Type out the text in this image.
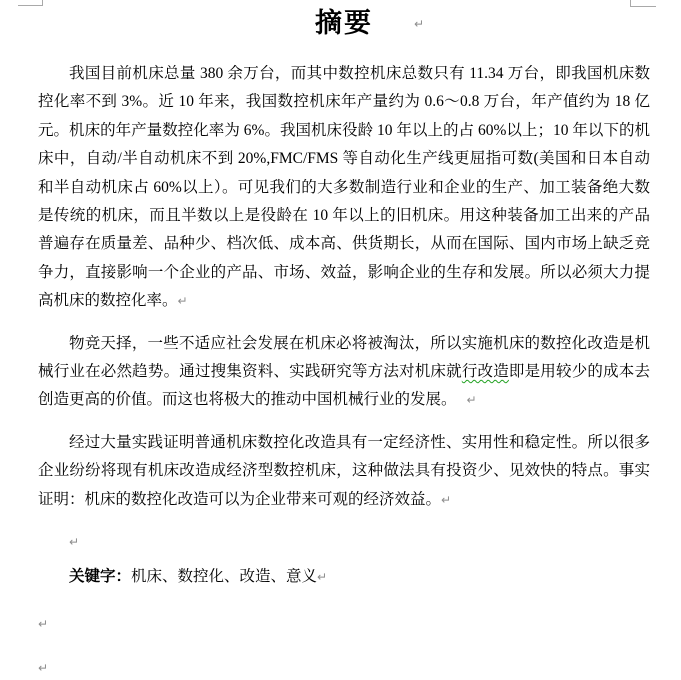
摘要	↵

我国目前机床总量 380 余万台，而其中数控机床总数只有 11.34 万台，即我国机床数控化率不到 3%。近 10 年来，我国数控机床年产量约为 0.6～0.8 万台，年产值约为 18 亿元。机床的年产量数控化率为 6%。我国机床役龄 10 年以上的占 60%以上；10 年以下的机床中，自动/半自动机床不到 20%,FMC/FMS 等自动化生产线更屈指可数(美国和日本自动和半自动机床占 60%以上）。可见我们的大多数制造行业和企业的生产、加工装备绝大数是传统的机床，而且半数以上是役龄在 10 年以上的旧机床。用这种装备加工出来的产品普遍存在质量差、品种少、档次低、成本高、供货期长，从而在国际、国内市场上缺乏竞争力，直接影响一个企业的产品、市场、效益，影响企业的生存和发展。所以必须大力提高机床的数控化率。↵

物竞天择，一些不适应社会发展在机床必将被淘汰，所以实施机床的数控化改造是机械行业在必然趋势。通过搜集资料、实践研究等方法对机床就行改造即是用较少的成本去创造更高的价值。而这也将极大的推动中国机械行业的发展。 ↵

经过大量实践证明普通机床数控化改造具有一定经济性、实用性和稳定性。所以很多企业纷纷将现有机床改造成经济型数控机床，这种做法具有投资少、见效快的特点。事实证明：机床的数控化改造可以为企业带来可观的经济效益。↵

↵

关键字：机床、数控化、改造、意义↵

↵

↵
